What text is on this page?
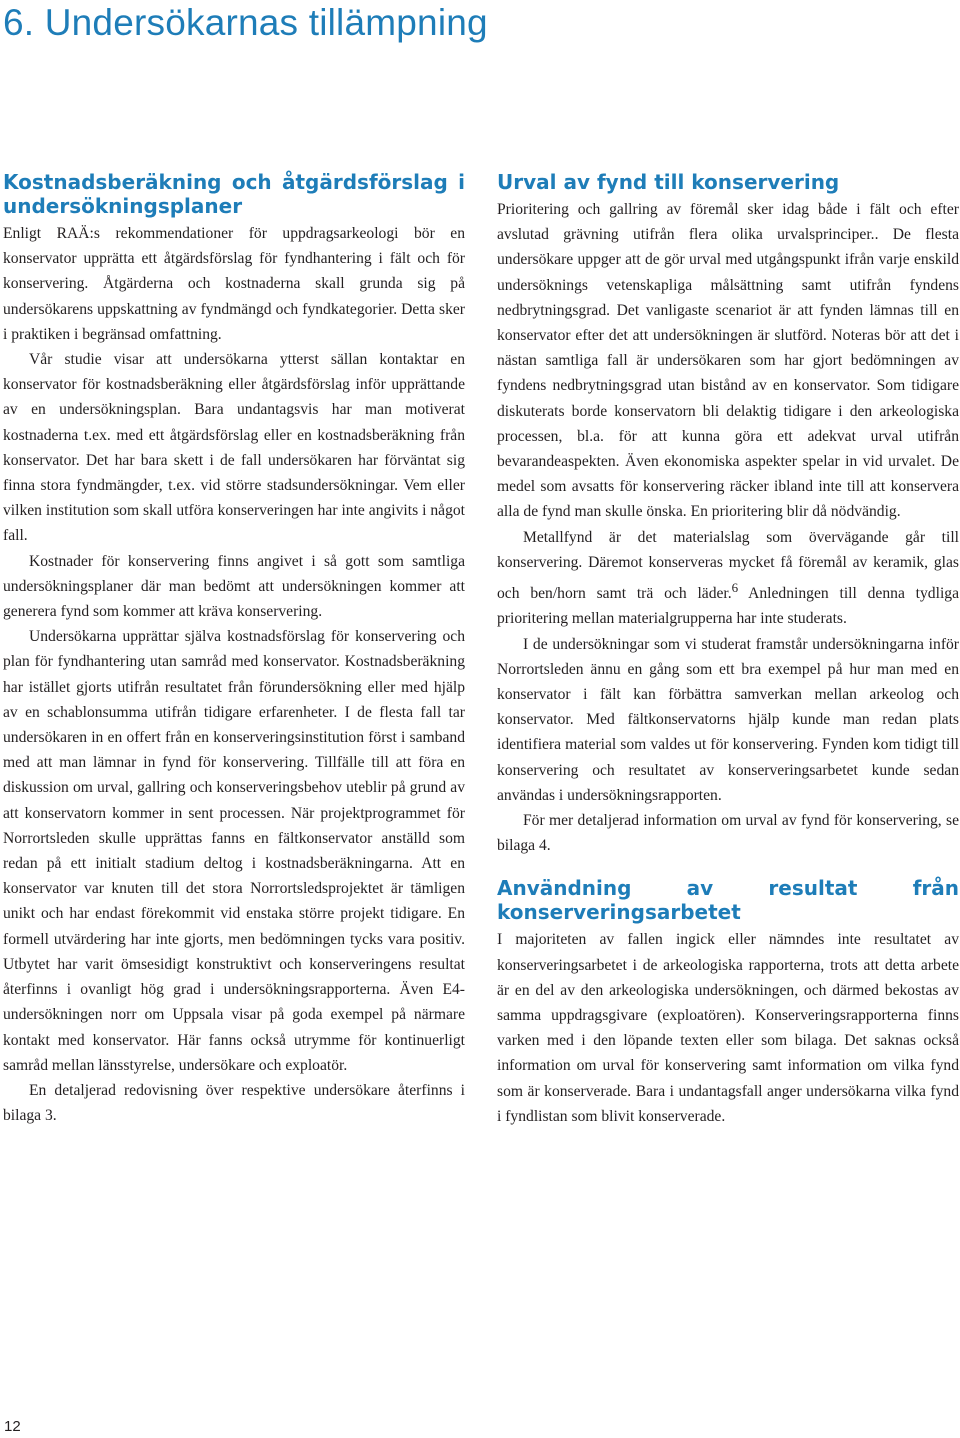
6. Undersökarnas tillämpning
Kostnadsberäkning och åtgärdsförslag i undersökningsplaner

Enligt RAÄ:s rekommendationer för uppdragsarkeologi bör en konservator upprätta ett åtgärdsförslag för fyndhantering i fält och för konservering. Åtgärderna och kostnaderna skall grunda sig på undersökarens uppskattning av fyndmängd och fyndkategorier. Detta sker i praktiken i begränsad omfattning.

Vår studie visar att undersökarna ytterst sällan kontaktar en konservator för kostnadsberäkning eller åtgärdsförslag inför upprättande av en undersökningsplan. Bara undantagsvis har man motiverat kostnaderna t.ex. med ett åtgärdsförslag eller en kostnadsberäkning från konservator. Det har bara skett i de fall undersökaren har förväntat sig finna stora fyndmängder, t.ex. vid större stadsundersökningar. Vem eller vilken institution som skall utföra konserveringen har inte angivits i något fall.

Kostnader för konservering finns angivet i så gott som samtliga undersökningsplaner där man bedömt att undersökningen kommer att generera fynd som kommer att kräva konservering.

Undersökarna upprättar själva kostnadsförslag för konservering och plan för fyndhantering utan samråd med konservator. Kostnadsberäkning har istället gjorts utifrån resultatet från förundersökning eller med hjälp av en schablonsumma utifrån tidigare erfarenheter. I de flesta fall tar undersökaren in en offert från en konserveringsinstitution först i samband med att man lämnar in fynd för konservering. Tillfälle till att föra en diskussion om urval, gallring och konserveringsbehov uteblir på grund av att konservatorn kommer in sent processen. När projektprogrammet för Norrortsleden skulle upprättas fanns en fältkonservator anställd som redan på ett initialt stadium deltog i kostnadsberäkningarna. Att en konservator var knuten till det stora Norrortsledsprojektet är tämligen unikt och har endast förekommit vid enstaka större projekt tidigare. En formell utvärdering har inte gjorts, men bedömningen tycks vara positiv. Utbytet har varit ömsesidigt konstruktivt och konserveringens resultat återfinns i ovanligt hög grad i undersökningsrapporterna. Även E4-undersökningen norr om Uppsala visar på goda exempel på närmare kontakt med konservator. Här fanns också utrymme för kontinuerligt samråd mellan länsstyrelse, undersökare och exploatör.

En detaljerad redovisning över respektive undersökare återfinns i bilaga 3.

Urval av fynd till konservering

Prioritering och gallring av föremål sker idag både i fält och efter avslutad grävning utifrån flera olika urvalsprinciper.. De flesta undersökare uppger att de gör urval med utgångspunkt ifrån varje enskild undersöknings vetenskapliga målsättning samt utifrån fyndens nedbrytningsgrad. Det vanligaste scenariot är att fynden lämnas till en konservator efter det att undersökningen är slutförd. Noteras bör att det i nästan samtliga fall är undersökaren som har gjort bedömningen av fyndens nedbrytningsgrad utan bistånd av en konservator. Som tidigare diskuterats borde konservatorn bli delaktig tidigare i den arkeologiska processen, bl.a. för att kunna göra ett adekvat urval utifrån bevarandeaspekten. Även ekonomiska aspekter spelar in vid urvalet. De medel som avsatts för konservering räcker ibland inte till att konservera alla de fynd man skulle önska. En prioritering blir då nödvändig.

Metallfynd är det materialslag som övervägande går till konservering. Däremot konserveras mycket få föremål av keramik, glas och ben/horn samt trä och läder.$^6$ Anledningen till denna tydliga prioritering mellan materialgrupperna har inte studerats.

I de undersökningar som vi studerat framstår undersökningarna inför Norrortsleden ännu en gång som ett bra exempel på hur man med en konservator i fält kan förbättra samverkan mellan arkeolog och konservator. Med fältkonservatorns hjälp kunde man redan plats identifiera material som valdes ut för konservering. Fynden kom tidigt till konservering och resultatet av konserveringsarbetet kunde sedan användas i undersökningsrapporten.

För mer detaljerad information om urval av fynd för konservering, se bilaga 4.

Användning av resultat från konserveringsarbetet

I majoriteten av fallen ingick eller nämndes inte resultatet av konserveringsarbetet i de arkeologiska rapporterna, trots att detta arbete är en del av den arkeologiska undersökningen, och därmed bekostas av samma uppdragsgivare (exploatören). Konserveringsrapporterna finns varken med i den löpande texten eller som bilaga. Det saknas också information om urval för konservering samt information om vilka fynd som är konserverade. Bara i undantagsfall anger undersökarna vilka fynd i fyndlistan som blivit konserverade.

12
